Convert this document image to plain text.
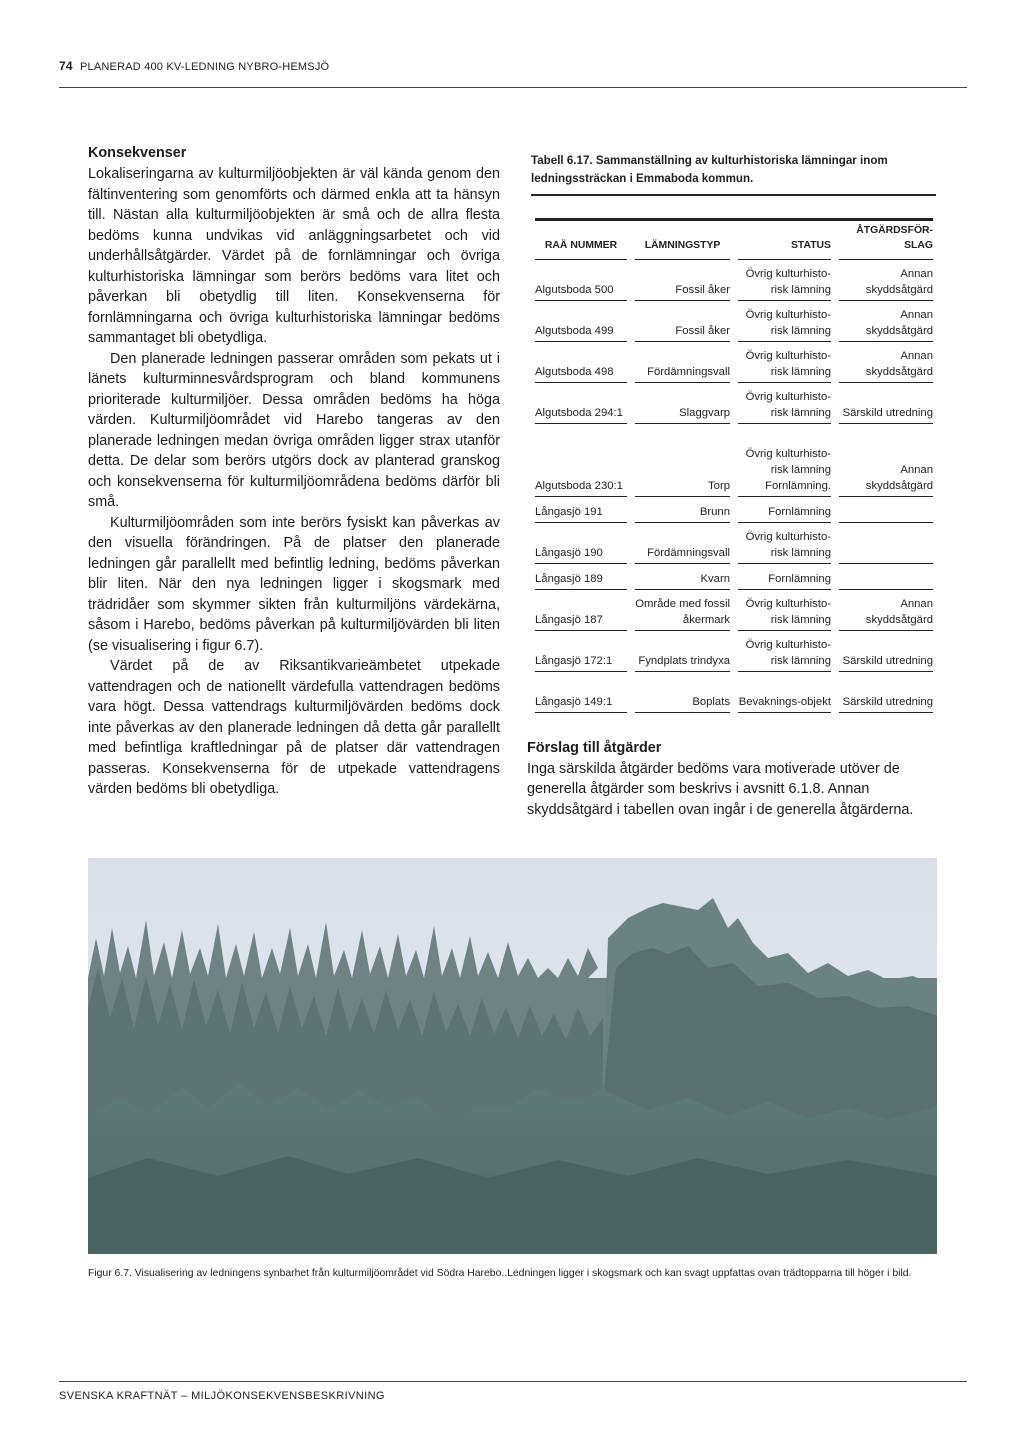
74 PLANERAD 400 KV-LEDNING NYBRO-HEMSJÖ
Konsekvenser

Lokaliseringarna av kulturmiljöobjekten är väl kända genom den fältinventering som genomförts och därmed enkla att ta hänsyn till. Nästan alla kulturmiljöobjekten är små och de allra flesta bedöms kunna undvikas vid anläggningsarbetet och vid underhållsåtgärder. Värdet på de fornlämningar och övriga kulturhistoriska lämningar som berörs bedöms vara litet och påverkan bli obetydlig till liten. Konsekvenserna för fornlämningarna och övriga kulturhistoriska lämningar bedöms sammantaget bli obetydliga.

Den planerade ledningen passerar områden som pekats ut i länets kulturminnesvårdsprogram och bland kommunens prioriterade kulturmiljöer. Dessa områden bedöms ha höga värden. Kulturmiljöområdet vid Harebo tangeras av den planerade ledningen medan övriga områden ligger strax utanför detta. De delar som berörs utgörs dock av planterad granskog och konsekvenserna för kulturmiljöområdena bedöms därför bli små.

Kulturmiljöområden som inte berörs fysiskt kan påverkas av den visuella förändringen. På de platser den planerade ledningen går parallellt med befintlig ledning, bedöms påverkan blir liten. När den nya ledningen ligger i skogsmark med trädridåer som skymmer sikten från kulturmiljöns värdekärna, såsom i Harebo, bedöms påverkan på kulturmiljövärden bli liten (se visualisering i figur 6.7).

Värdet på de av Riksantikvarieämbetet utpekade vattendragen och de nationellt värdefulla vattendragen bedöms vara högt. Dessa vattendrags kulturmiljövärden bedöms dock inte påverkas av den planerade ledningen då detta går parallellt med befintliga kraftledningar på de platser där vattendragen passeras. Konsekvenserna för de utpekade vattendragens värden bedöms bli obetydliga.

Tabell 6.17. Sammanställning av kulturhistoriska lämningar inom ledningssträckan i Emmaboda kommun.
RAÄ NUMMER		LÄMNINGSTYP		STATUS		ÅTGÄRDSFÖR-SLAG
Algutsboda 500		Fossil åker		Övrig kulturhisto-risk lämning		Annan skyddsåtgärd
Algutsboda 499		Fossil åker		Övrig kulturhisto-risk lämning		Annan skyddsåtgärd
Algutsboda 498		Fördämningsvall		Övrig kulturhisto-risk lämning		Annan skyddsåtgärd
Algutsboda 294:1		Slaggvarp		Övrig kulturhisto-risk lämning		Särskild utredning
Algutsboda 230:1		Torp		Övrig kulturhisto-risk lämning Fornlämning.		Annan skyddsåtgärd
Långasjö 191		Brunn		Fornlämning		
Långasjö 190		Fördämningsvall		Övrig kulturhisto-risk lämning		
Långasjö 189		Kvarn		Fornlämning		
Långasjö 187		Område med fossil åkermark		Övrig kulturhisto-risk lämning		Annan skyddsåtgärd
Långasjö 172:1		Fyndplats trindyxa		Övrig kulturhisto-risk lämning		Särskild utredning
Långasjö 149:1		Boplats		Bevaknings-objekt		Särskild utredning
Förslag till åtgärder

Inga särskilda åtgärder bedöms vara motiverade utöver de generella åtgärder som beskrivs i avsnitt 6.1.8. Annan skyddsåtgärd i tabellen ovan ingår i de generella åtgärderna.

Figur 6.7. Visualisering av ledningens synbarhet från kulturmiljöområdet vid Södra Harebo..Ledningen ligger i skogsmark och kan svagt uppfattas ovan trädtopparna till höger i bild.
SVENSKA KRAFTNÄT – MILJÖKONSEKVENSBESKRIVNING
